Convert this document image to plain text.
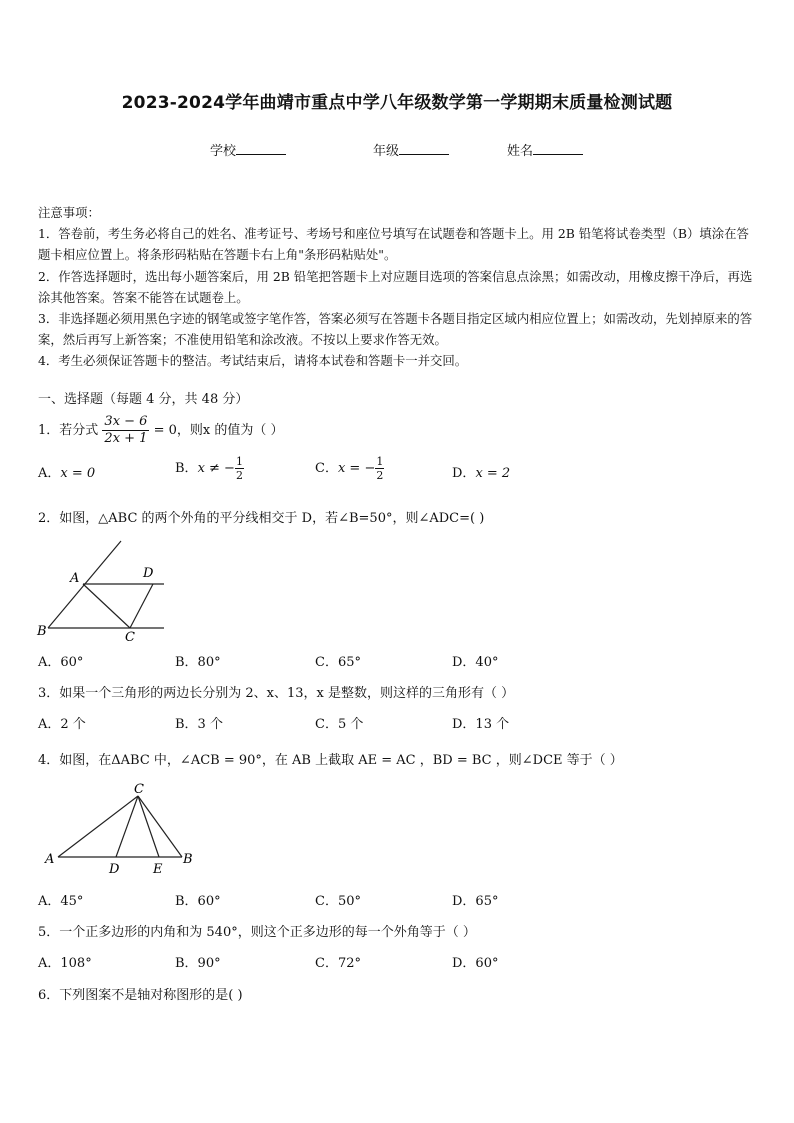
2023-2024学年曲靖市重点中学八年级数学第一学期期末质量检测试题
学校	年级	姓名

注意事项：

1．答卷前，考生务必将自己的姓名、准考证号、考场号和座位号填写在试题卷和答题卡上。用 2B 铅笔将试卷类型（B）填涂在答题卡相应位置上。将条形码粘贴在答题卡右上角"条形码粘贴处"。

2．作答选择题时，选出每小题答案后，用 2B 铅笔把答题卡上对应题目选项的答案信息点涂黑；如需改动，用橡皮擦干净后，再选涂其他答案。答案不能答在试题卷上。

3．非选择题必须用黑色字迹的钢笔或签字笔作答，答案必须写在答题卡各题目指定区域内相应位置上；如需改动，先划掉原来的答案，然后再写上新答案；不准使用铅笔和涂改液。不按以上要求作答无效。

4．考生必须保证答题卡的整洁。考试结束后，请将本试卷和答题卡一并交回。

一、选择题（每题 4 分，共 48 分）
1．若分式 $\frac{3x - 6}{2x + 1} = 0$，则x 的值为（ ）
A．x = 0	B．x ≠ − $\frac{1}{2}$	C．x = − $\frac{1}{2}$	D．x = 2
2．如图，△ABC 的两个外角的平分线相交于 D，若∠B=50°，则∠ADC=( )
A
B	C
D
A．60°	B．80°	C．65°	D．40°
3．如果一个三角形的两边长分别为 2、x、13，x 是整数，则这样的三角形有（ ）
A．2 个	B．3 个	C．5 个	D．13 个
4．如图，在ΔABC 中，∠ACB = 90°，在 AB 上截取 AE = AC ，BD = BC ，则∠DCE 等于（ ）
A	B
C
D	E
A．45°	B．60°	C．50°	D．65°
5．一个正多边形的内角和为 540°，则这个正多边形的每一个外角等于（ ）
A．108°	B．90°	C．72°	D．60°
6．下列图案不是轴对称图形的是( )
